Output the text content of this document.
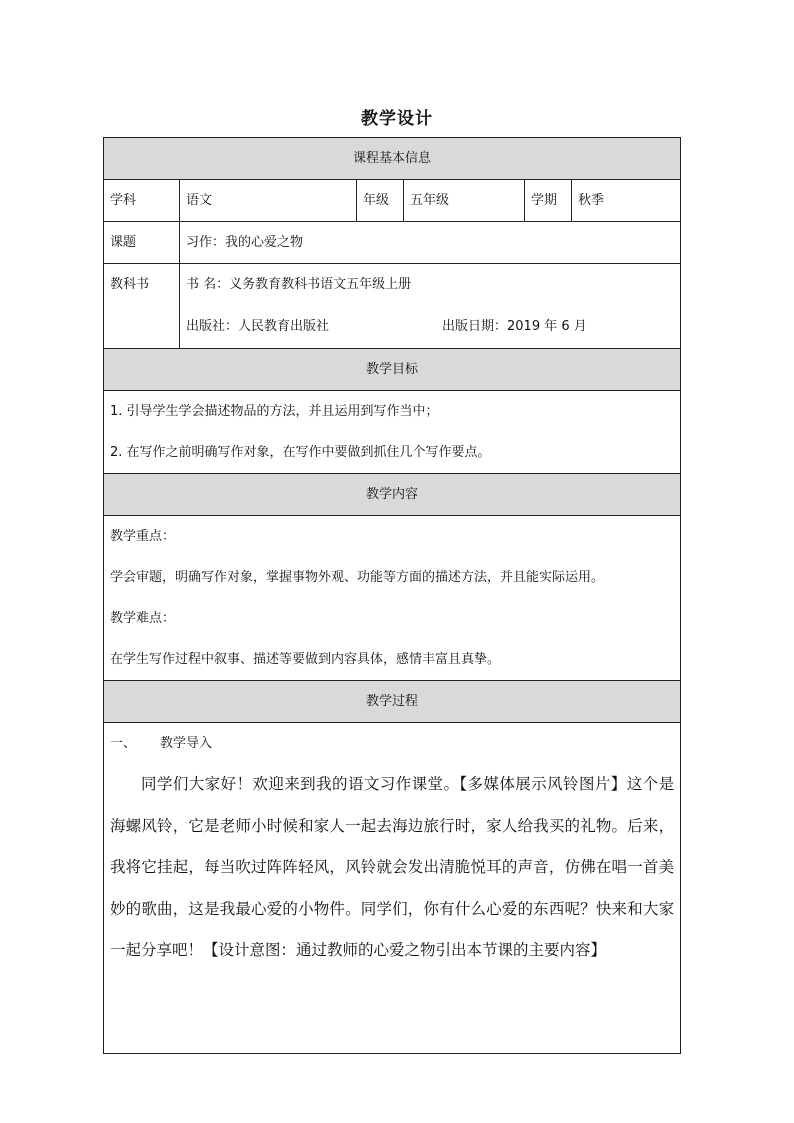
教学设计
课程基本信息					
学科	语文	年级	五年级	学期	秋季
课题	习作：我的心爱之物				

教科书	书 名：义务教育教科书语文五年级上册
出版社：人民教育出版社 出版日期：2019 年 6 月				

教学目标					

1. 引导学生学会描述物品的方法，并且运用到写作当中；
2. 在写作之前明确写作对象，在写作中要做到抓住几个写作要点。					

教学内容					

教学重点：
学会审题，明确写作对象，掌握事物外观、功能等方面的描述方法，并且能实际运用。
教学难点：
在学生写作过程中叙事、描述等要做到内容具体，感情丰富且真挚。					

教学过程					

一、 教学导入

同学们大家好！欢迎来到我的语文习作课堂。【多媒体展示风铃图片】这个是海螺风铃，它是老师小时候和家人一起去海边旅行时，家人给我买的礼物。后来，我将它挂起，每当吹过阵阵轻风，风铃就会发出清脆悦耳的声音，仿佛在唱一首美妙的歌曲，这是我最心爱的小物件。同学们，你有什么心爱的东西呢？快来和大家一起分享吧！【设计意图：通过教师的心爱之物引出本节课的主要内容】					
